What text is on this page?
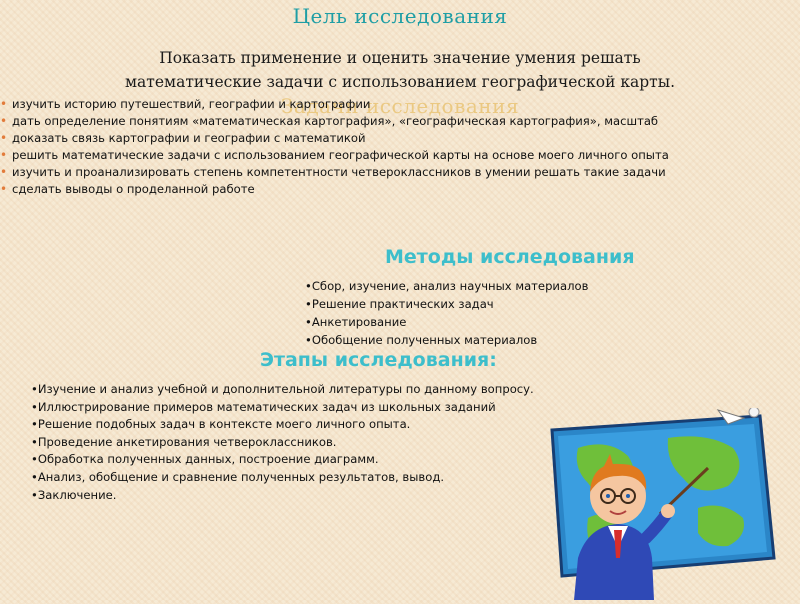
Цель исследования
Показать применение и оценить значение умения решать
математические задачи с использованием географической карты.
Задачи исследования
• изучить историю путешествий, географии и картографии
• дать определение понятиям «математическая картография», «географическая картография», масштаб
• доказать связь картографии и географии с математикой
• решить математические задачи с использованием географической карты на основе моего личного опыта
• изучить и проанализировать степень компетентности четвероклассников в умении решать такие задачи
• сделать выводы о проделанной работе
Методы исследования
•Сбор, изучение, анализ научных материалов
•Решение практических задач
•Анкетирование
•Обобщение полученных материалов
Этапы исследования:
•Изучение и анализ учебной и дополнительной литературы по данному вопросу.
•Иллюстрирование примеров математических задач из школьных заданий
•Решение подобных задач в контексте моего личного опыта.
•Проведение анкетирования четвероклассников.
•Обработка полученных данных, построение диаграмм.
•Анализ, обобщение и сравнение полученных результатов, вывод.
•Заключение.
